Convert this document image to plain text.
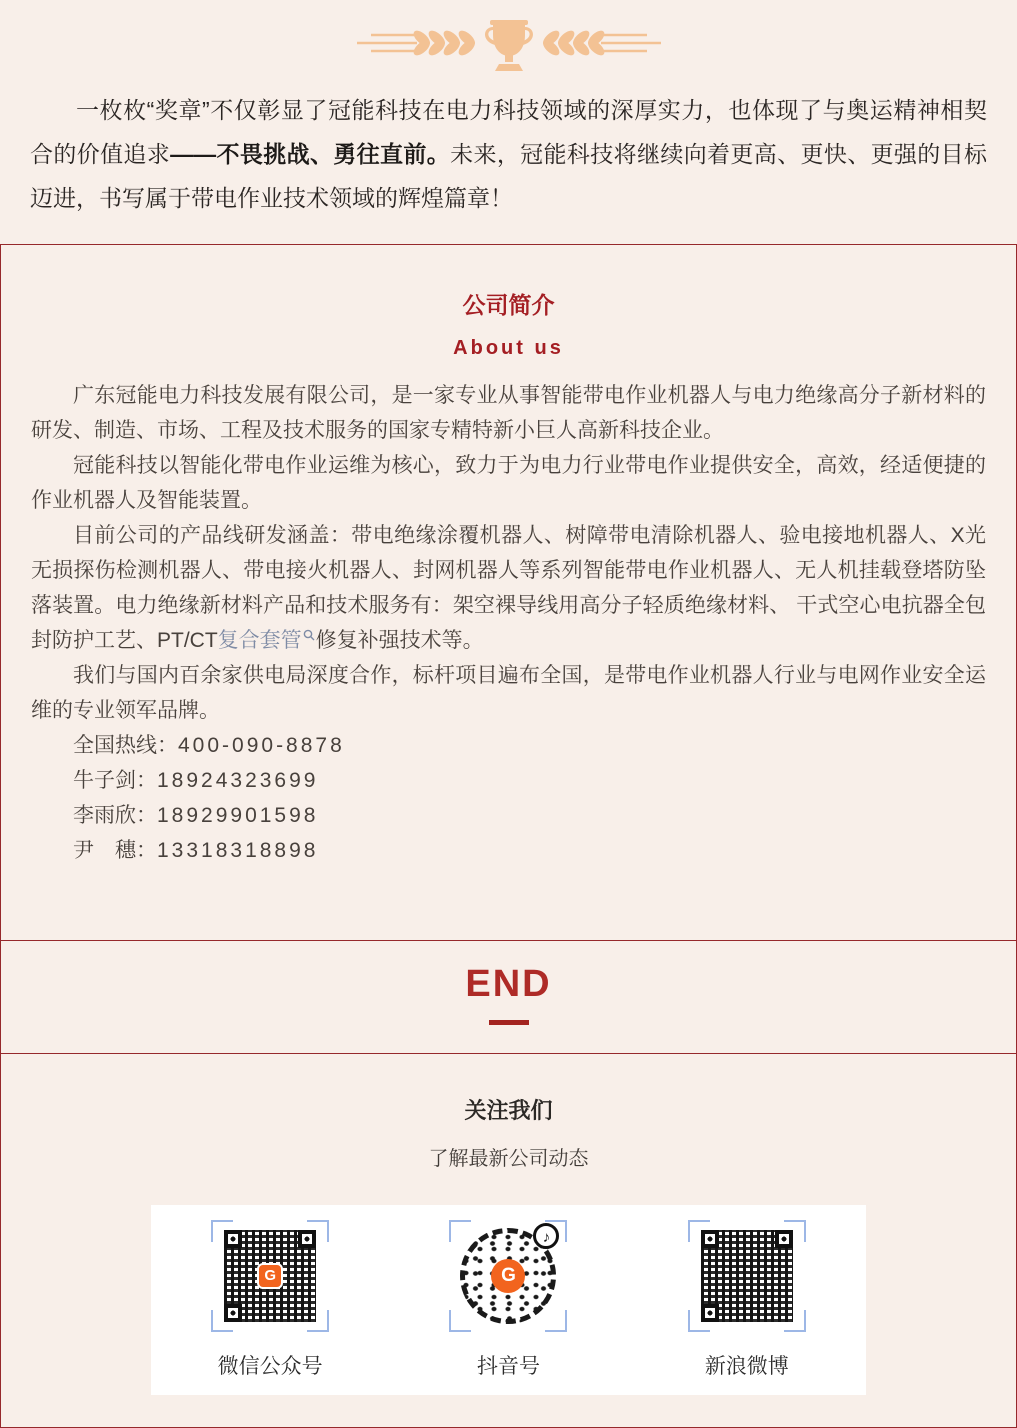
一枚枚“奖章”不仅彰显了冠能科技在电力科技领域的深厚实力，也体现了与奥运精神相契合的价值追求——不畏挑战、勇往直前。未来，冠能科技将继续向着更高、更快、更强的目标迈进，书写属于带电作业技术领域的辉煌篇章！

公司简介
About us

广东冠能电力科技发展有限公司，是一家专业从事智能带电作业机器人与电力绝缘高分子新材料的研发、制造、市场、工程及技术服务的国家专精特新小巨人高新科技企业。

冠能科技以智能化带电作业运维为核心，致力于为电力行业带电作业提供安全，高效，经适便捷的作业机器人及智能装置。

目前公司的产品线研发涵盖：带电绝缘涂覆机器人、树障带电清除机器人、验电接地机器人、X光无损探伤检测机器人、带电接火机器人、封网机器人等系列智能带电作业机器人、无人机挂载登塔防坠落装置。电力绝缘新材料产品和技术服务有：架空裸导线用高分子轻质绝缘材料、 干式空心电抗器全包封防护工艺、PT/CT复合套管 修复补强技术等。

我们与国内百余家供电局深度合作，标杆项目遍布全国，是带电作业机器人行业与电网作业安全运维的专业领军品牌。

全国热线：400-090-8878
牛子剑：18924323699
李雨欣：18929901598
尹　穗：13318318898
END
关注我们
了解最新公司动态
G
微信公众号
G
♪
抖音号	新浪微博
